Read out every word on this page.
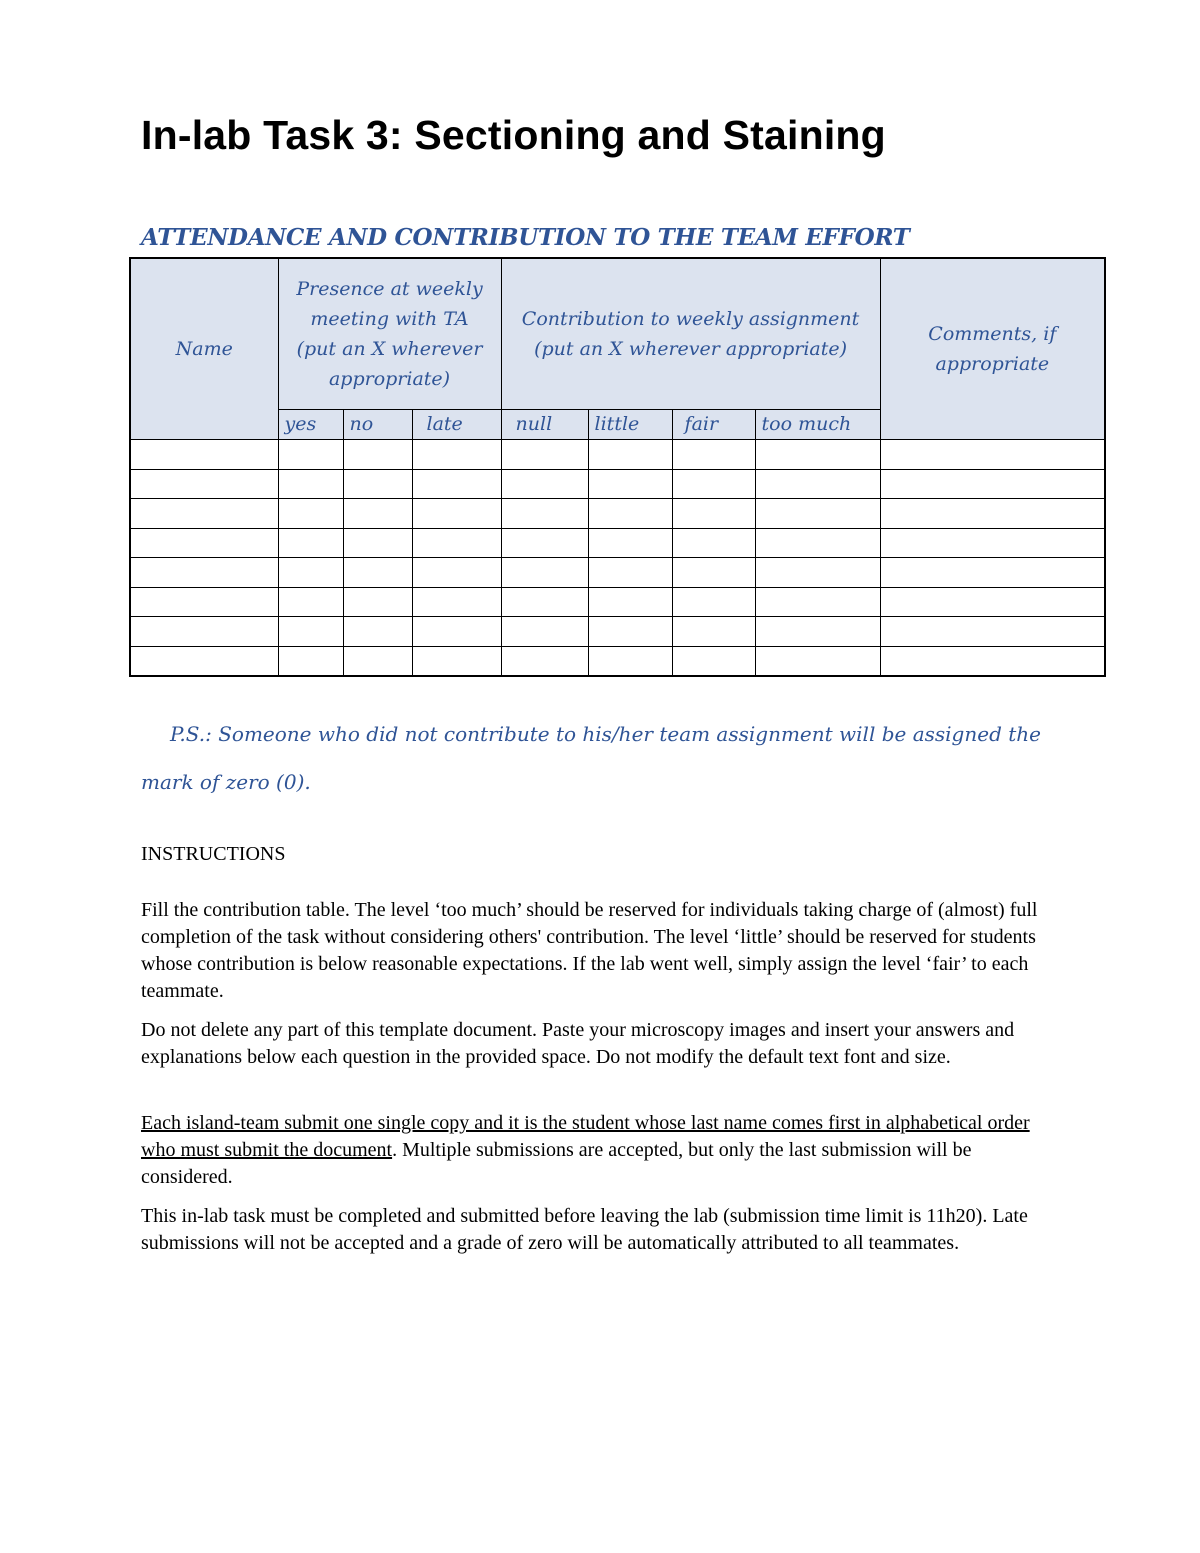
In-lab Task 3: Sectioning and Staining
ATTENDANCE AND CONTRIBUTION TO THE TEAM EFFORT
Name	Presence at weekly meeting with TA (put an X wherever appropriate)			Contribution to weekly assignment (put an X wherever appropriate)				Comments, if appropriate
	yes	no	late	null	little	fair	too much	

P.S.: Someone who did not contribute to his/her team assignment will be assigned the mark of zero (0).
INSTRUCTIONS
Fill the contribution table. The level ‘too much’ should be reserved for individuals taking charge of (almost) full completion of the task without considering others' contribution. The level ‘little’ should be reserved for students whose contribution is below reasonable expectations. If the lab went well, simply assign the level ‘fair’ to each teammate.
Do not delete any part of this template document. Paste your microscopy images and insert your answers and explanations below each question in the provided space. Do not modify the default text font and size.
Each island-team submit one single copy and it is the student whose last name comes first in alphabetical order who must submit the document. Multiple submissions are accepted, but only the last submission will be considered.
This in-lab task must be completed and submitted before leaving the lab (submission time limit is 11h20). Late submissions will not be accepted and a grade of zero will be automatically attributed to all teammates.
